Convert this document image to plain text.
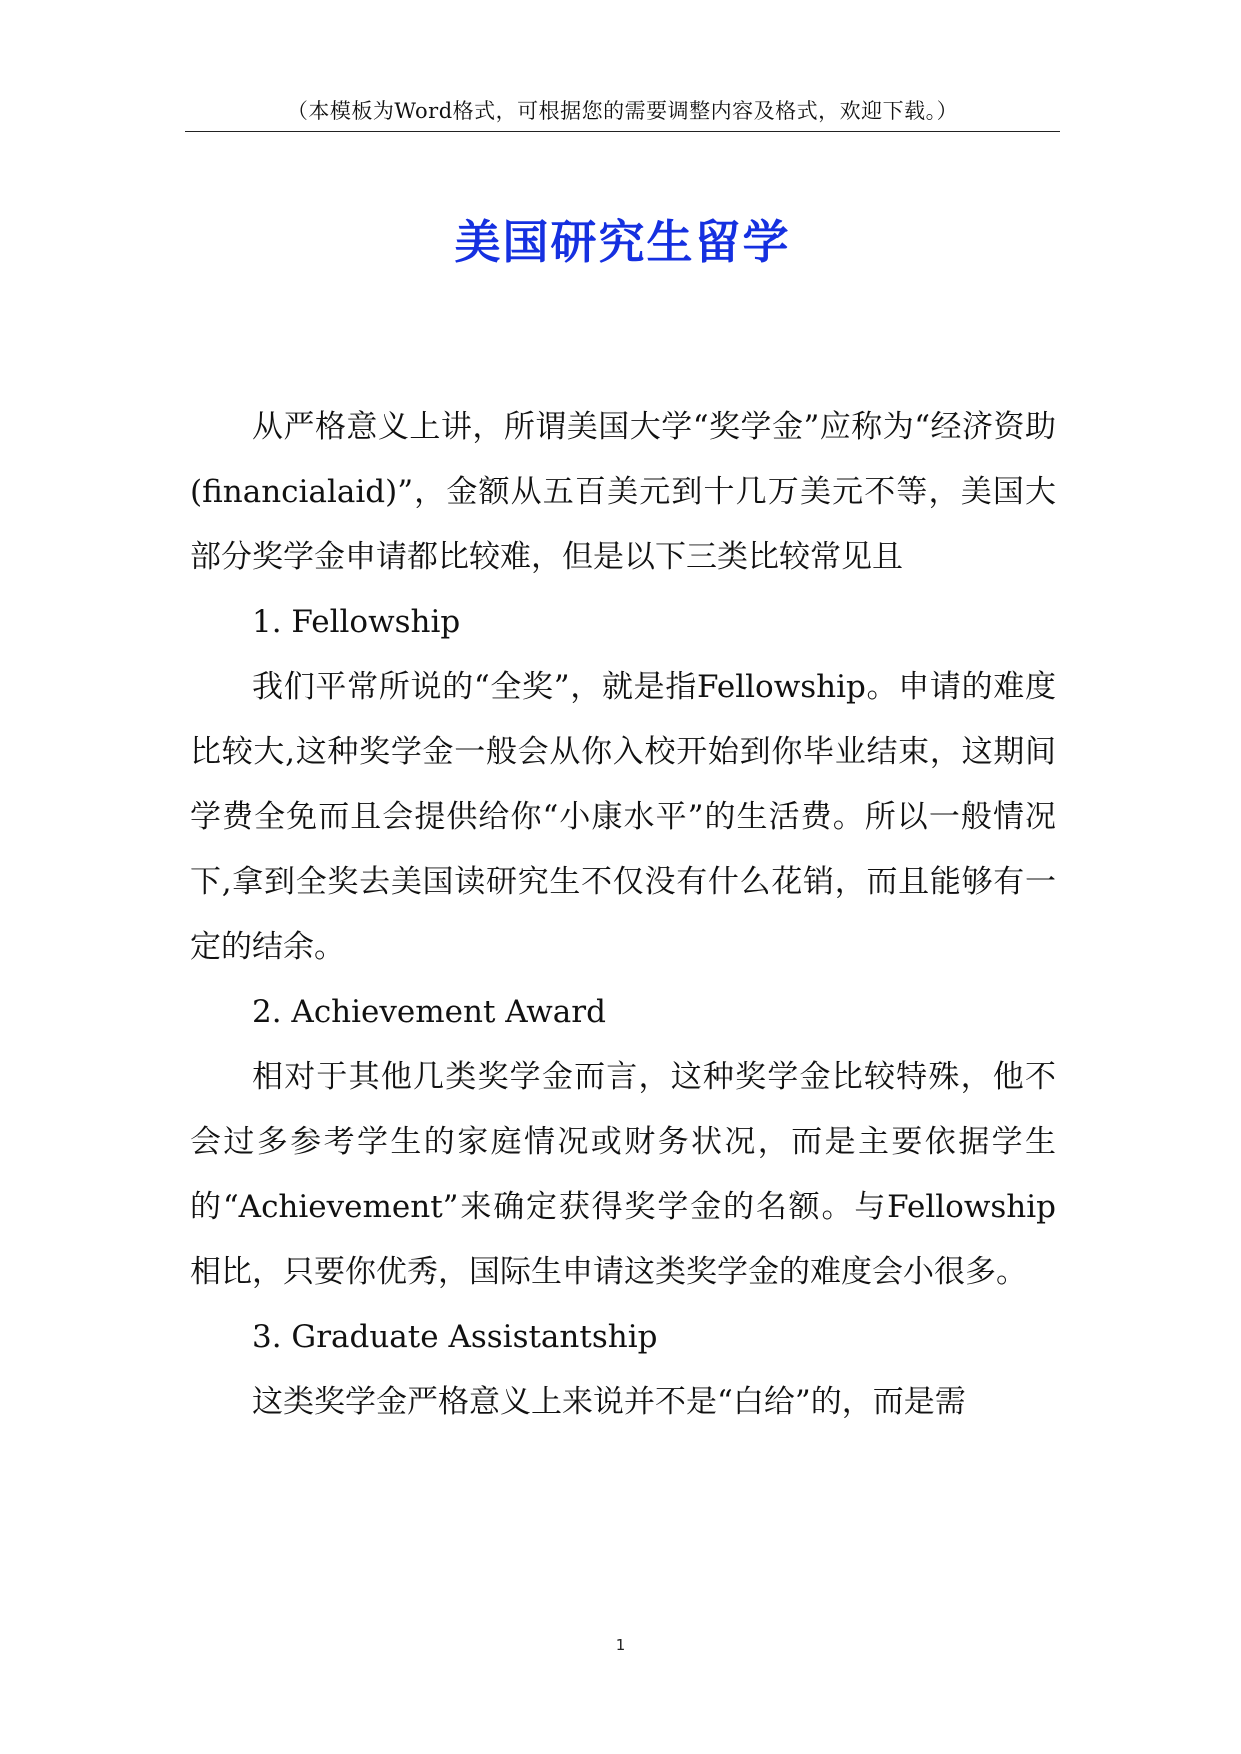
（本模板为Word格式，可根据您的需要调整内容及格式，欢迎下载。）
美国研究生留学

从严格意义上讲，所谓美国大学“奖学金”应称为“经济资助(financialaid)”，金额从五百美元到十几万美元不等，美国大部分奖学金申请都比较难，但是以下三类比较常见且

1. Fellowship

我们平常所说的“全奖”，就是指Fellowship。申请的难度比较大,这种奖学金一般会从你入校开始到你毕业结束，这期间学费全免而且会提供给你“小康水平”的生活费。所以一般情况下,拿到全奖去美国读研究生不仅没有什么花销，而且能够有一定的结余。

2. Achievement Award

相对于其他几类奖学金而言，这种奖学金比较特殊，他不会过多参考学生的家庭情况或财务状况，而是主要依据学生的“Achievement”来确定获得奖学金的名额。与Fellowship相比，只要你优秀，国际生申请这类奖学金的难度会小很多。

3. Graduate Assistantship

这类奖学金严格意义上来说并不是“白给”的，而是需

1
